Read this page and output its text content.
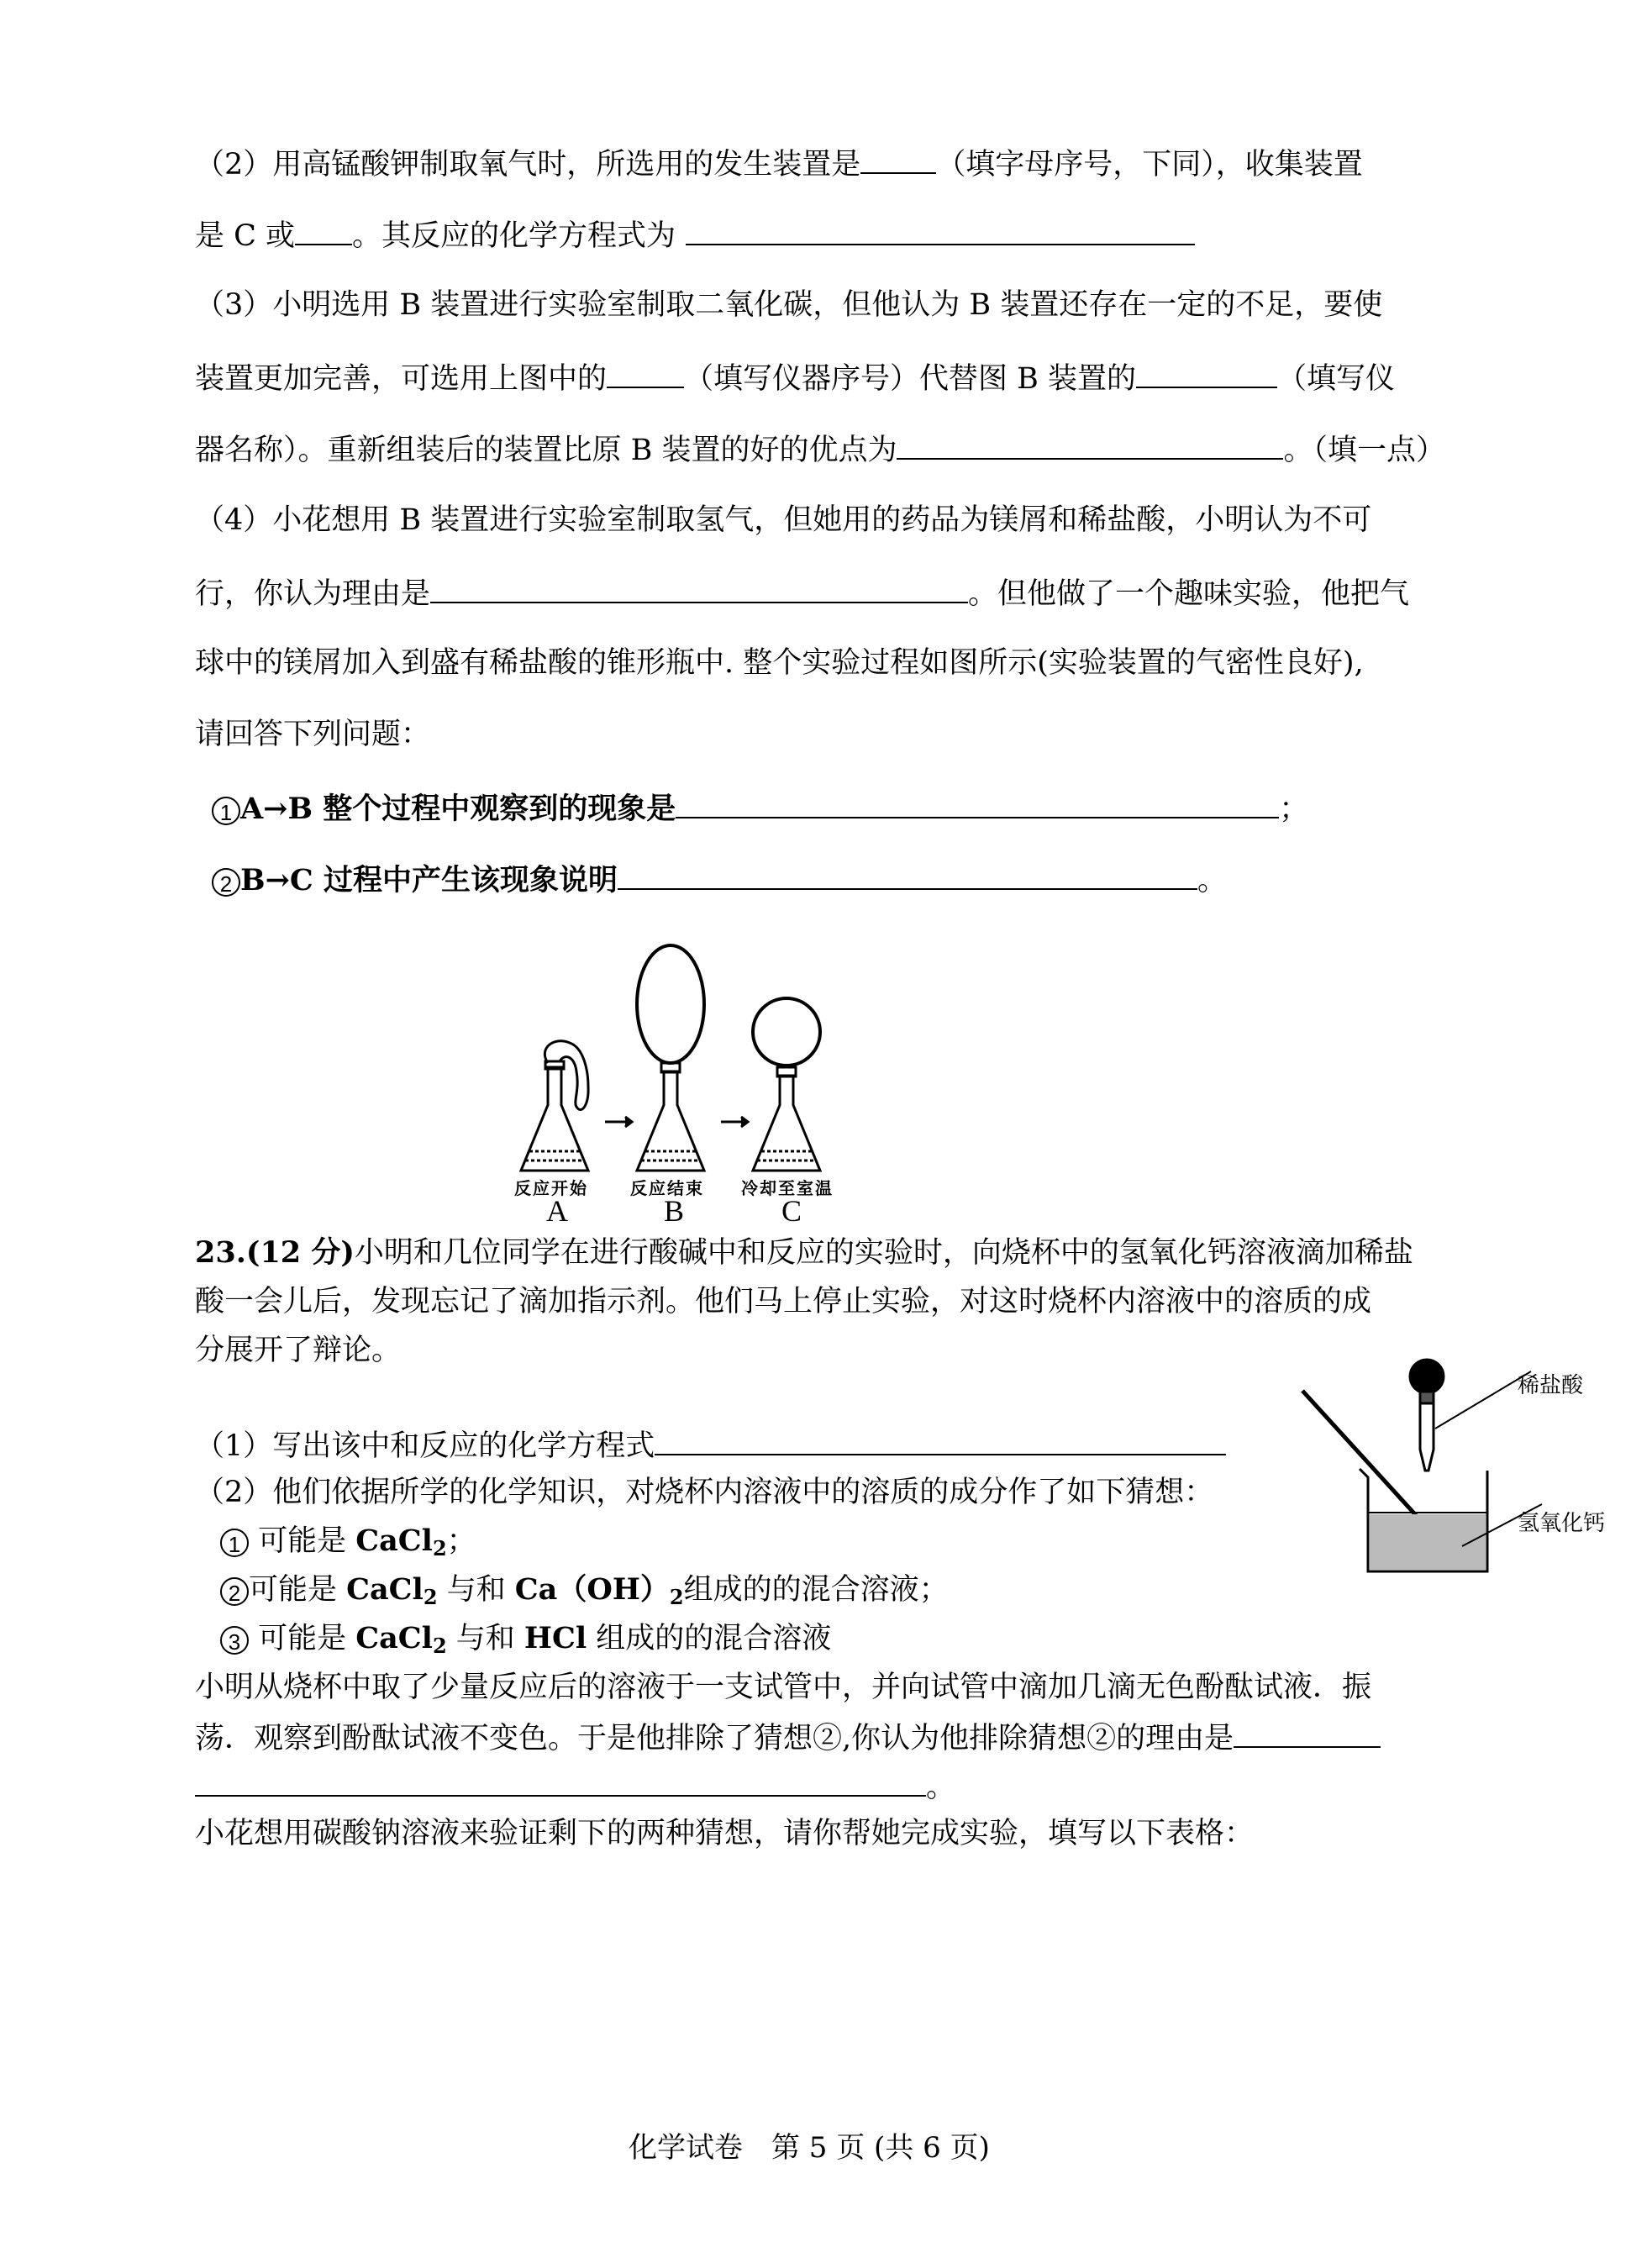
（2）用高锰酸钾制取氧气时，所选用的发生装置是	（填字母序号，下同），收集装置
是 C 或 。其反应的化学方程式为
（3）小明选用 B 装置进行实验室制取二氧化碳，但他认为 B 装置还存在一定的不足，要使
装置更加完善，可选用上图中的	（填写仪器序号）代替图 B 装置的	（填写仪
器名称）。重新组装后的装置比原 B 装置的好的优点为	。（填一点）
（4）小花想用 B 装置进行实验室制取氢气，但她用的药品为镁屑和稀盐酸，小明认为不可
行，你认为理由是	。但他做了一个趣味实验，他把气
球中的镁屑加入到盛有稀盐酸的锥形瓶中. 整个实验过程如图所示(实验装置的气密性良好),
请回答下列问题：
1 A→B 整个过程中观察到的现象是	；
2 B→C 过程中产生该现象说明	。
反应开始	反应结束 冷却至室温
A	B	C
23.(12 分)小明和几位同学在进行酸碱中和反应的实验时，向烧杯中的氢氧化钙溶液滴加稀盐
酸一会儿后，发现忘记了滴加指示剂。他们马上停止实验，对这时烧杯内溶液中的溶质的成
分展开了辩论。
稀盐酸
氢氧化钙
（1）写出该中和反应的化学方程式
（2）他们依据所学的化学知识，对烧杯内溶液中的溶质的成分作了如下猜想：
1 可能是 CaCl$_2$；
2 可能是 CaCl$_2$ 与和 $Ca(OH)_2$组成的的混合溶液；
3 可能是 CaCl$_2$ 与和 HCl 组成的的混合溶液
小明从烧杯中取了少量反应后的溶液于一支试管中，并向试管中滴加几滴无色酚酞试液．振
荡．观察到酚酞试液不变色。于是他排除了猜想②,你认为他排除猜想②的理由是
。
小花想用碳酸钠溶液来验证剩下的两种猜想，请你帮她完成实验，填写以下表格：
化学试卷　第 5 页 (共 6 页)
